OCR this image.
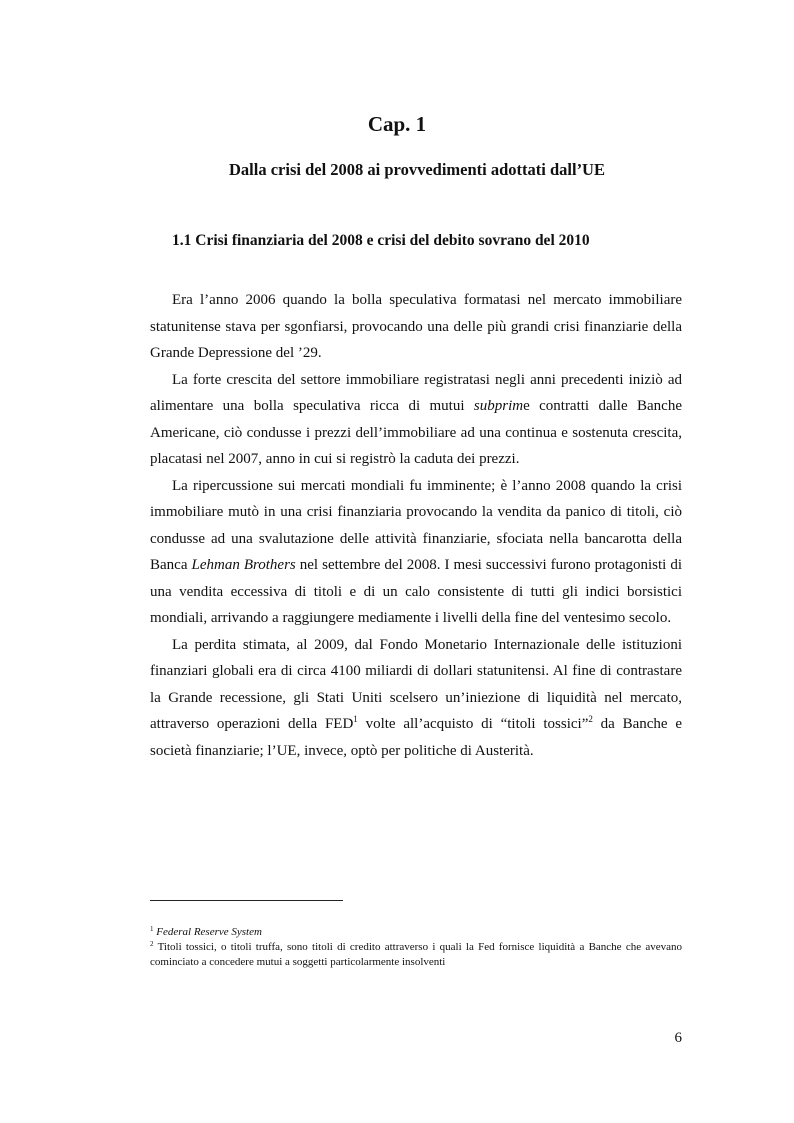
Cap. 1
Dalla crisi del 2008 ai provvedimenti adottati dall’UE
1.1 Crisi finanziaria del 2008 e crisi del debito sovrano del 2010

Era l’anno 2006 quando la bolla speculativa formatasi nel mercato immobiliare statunitense stava per sgonfiarsi, provocando una delle più grandi crisi finanziarie della Grande Depressione del ’29.

La forte crescita del settore immobiliare registratasi negli anni precedenti iniziò ad alimentare una bolla speculativa ricca di mutui subprime contratti dalle Banche Americane, ciò condusse i prezzi dell’immobiliare ad una continua e sostenuta crescita, placatasi nel 2007, anno in cui si registrò la caduta dei prezzi.

La ripercussione sui mercati mondiali fu imminente; è l’anno 2008 quando la crisi immobiliare mutò in una crisi finanziaria provocando la vendita da panico di titoli, ciò condusse ad una svalutazione delle attività finanziarie, sfociata nella bancarotta della Banca Lehman Brothers nel settembre del 2008. I mesi successivi furono protagonisti di una vendita eccessiva di titoli e di un calo consistente di tutti gli indici borsistici mondiali, arrivando a raggiungere mediamente i livelli della fine del ventesimo secolo.

La perdita stimata, al 2009, dal Fondo Monetario Internazionale delle istituzioni finanziari globali era di circa 4100 miliardi di dollari statunitensi. Al fine di contrastare la Grande recessione, gli Stati Uniti scelsero un’iniezione di liquidità nel mercato, attraverso operazioni della FED$^1$ volte all’acquisto di “titoli tossici”$^2$ da Banche e società finanziarie; l’UE, invece, optò per politiche di Austerità.

$^1$ Federal Reserve System

$^2$ Titoli tossici, o titoli truffa, sono titoli di credito attraverso i quali la Fed fornisce liquidità a Banche che avevano cominciato a concedere mutui a soggetti particolarmente insolventi

6
